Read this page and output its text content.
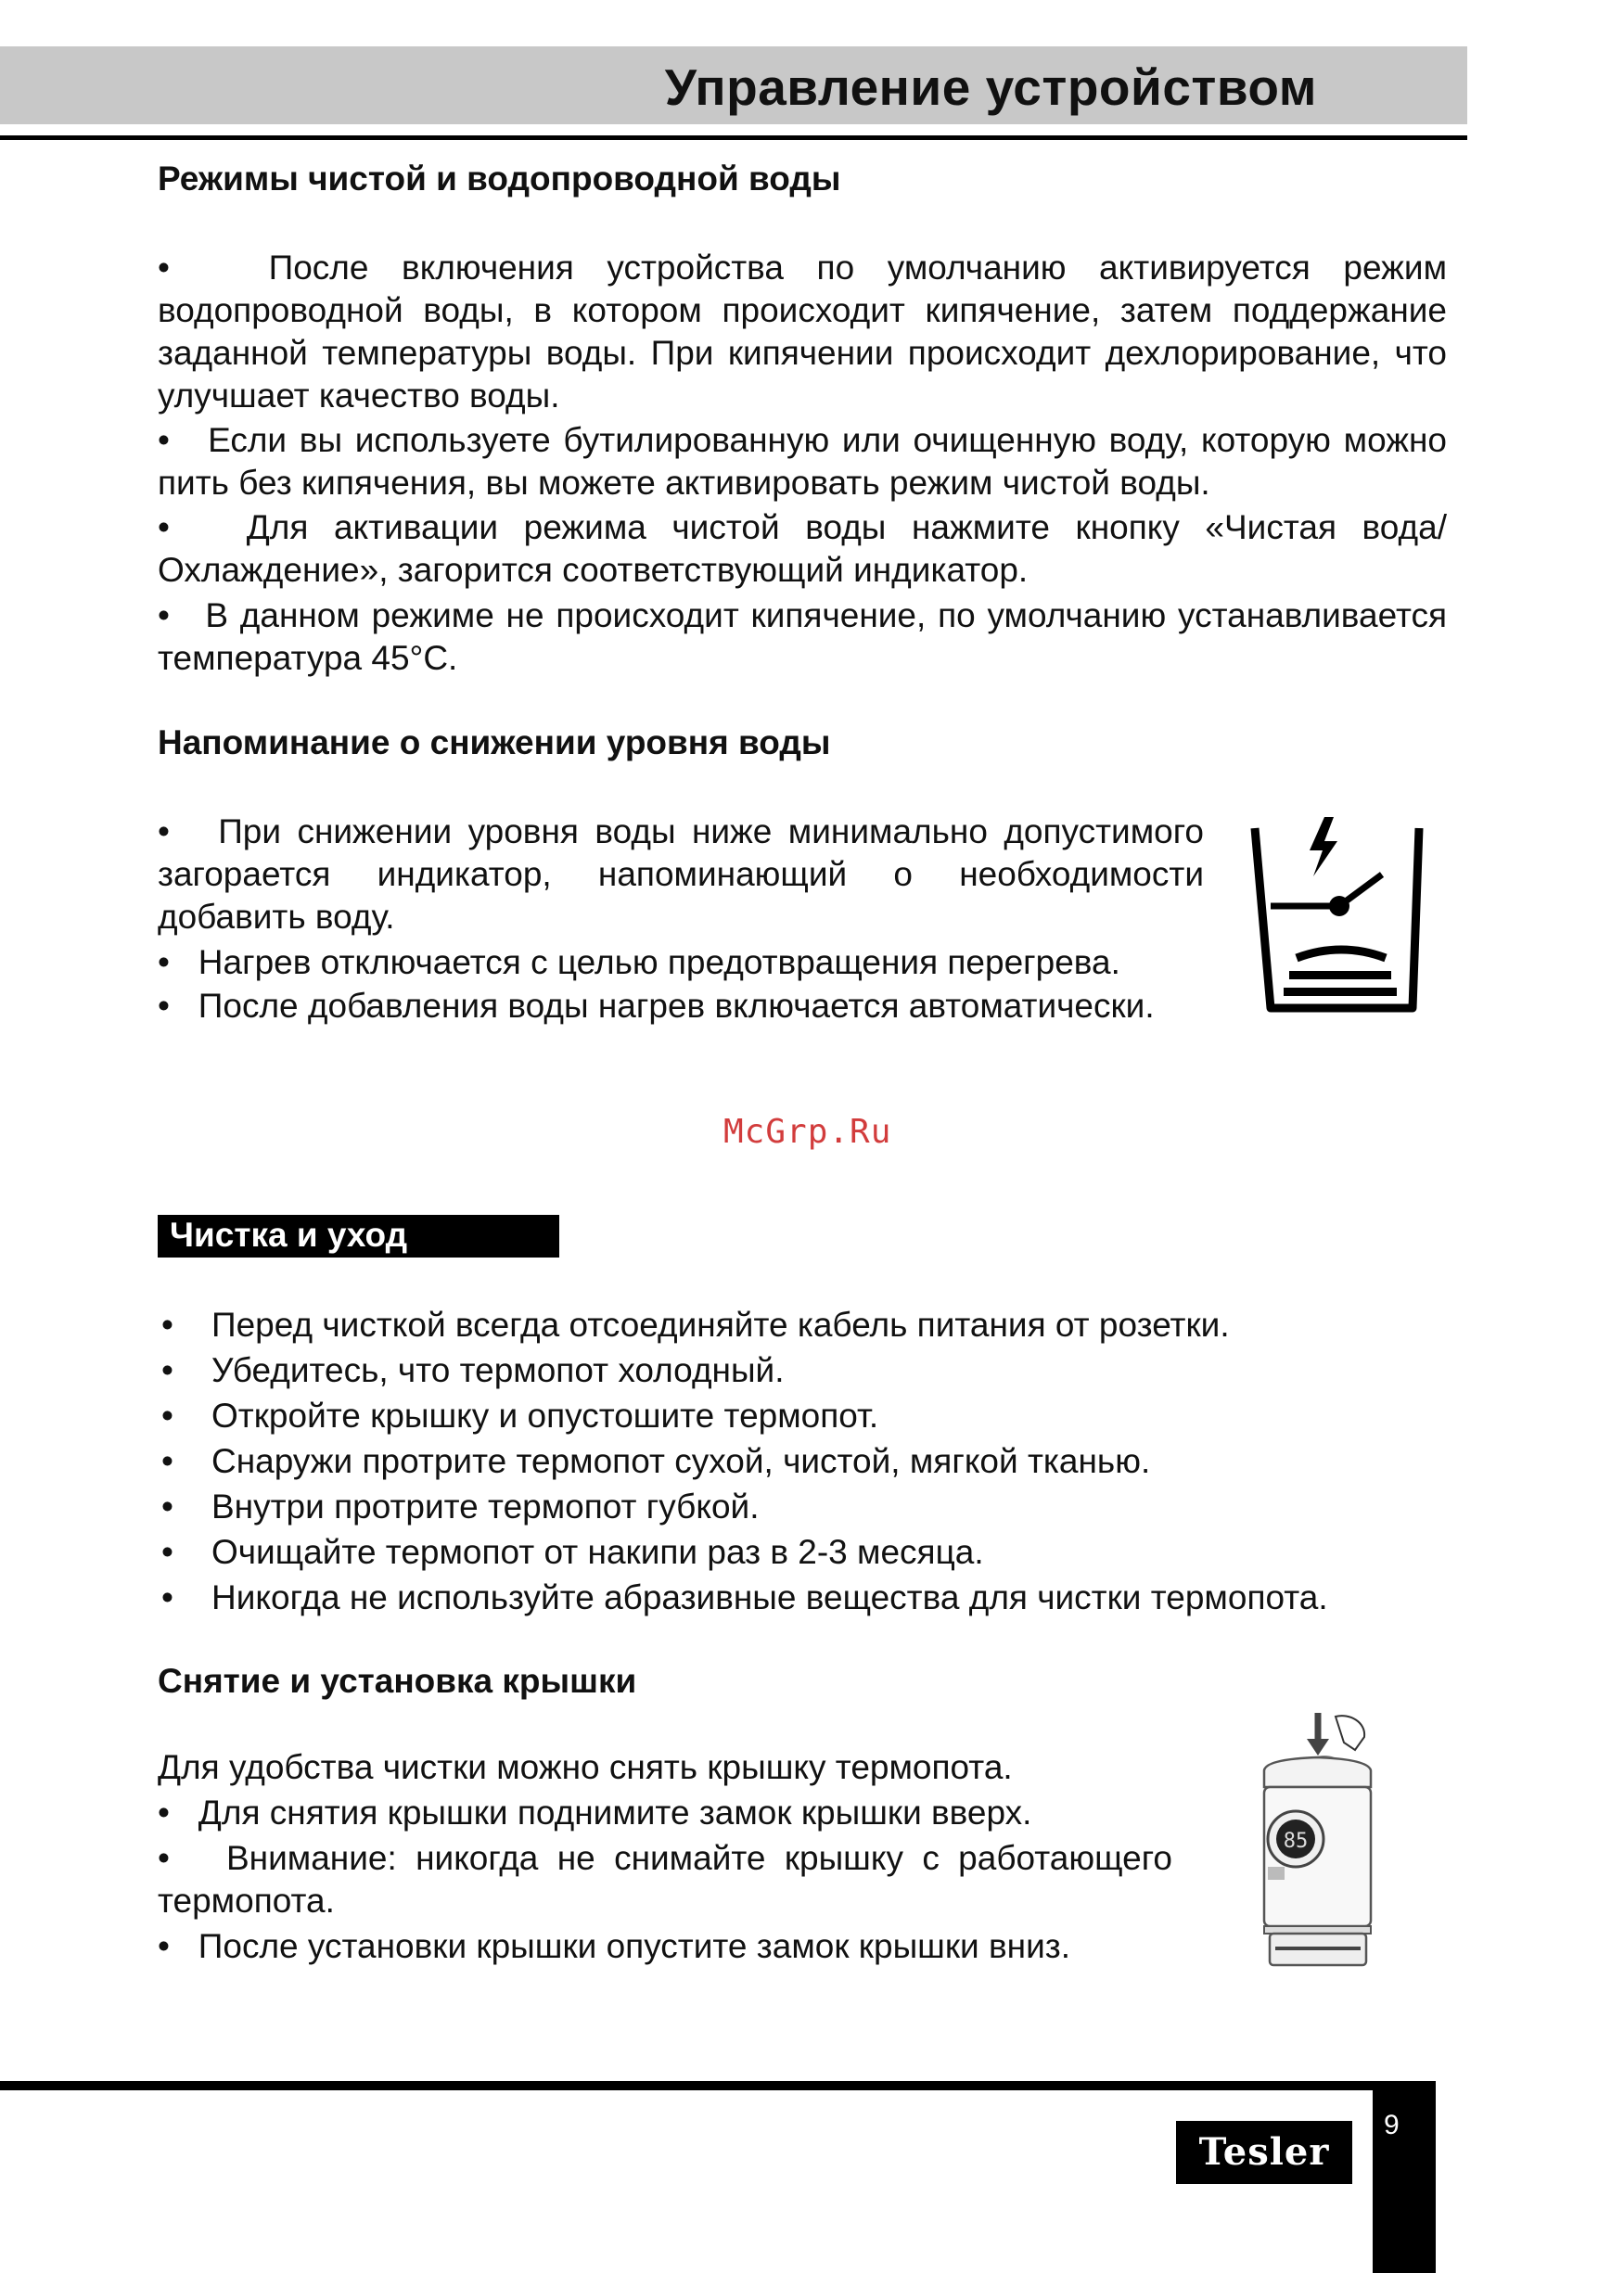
Управление устройством
Режимы чистой и водопроводной воды

•   После включения устройства по умолчанию активируется режим водопроводной воды, в котором происходит кипячение, затем поддержание заданной температуры воды. При кипячении происходит дехлорирование, что улучшает качество воды.

•   Если вы используете бутилированную или очищенную воду, которую можно пить без кипячения, вы можете активировать режим чистой воды.

•   Для активации режима чистой воды нажмите кнопку «Чистая вода/Охлаждение», загорится соответствующий индикатор.

•   В данном режиме не происходит кипячение, по умолчанию устанавливается температура 45°С.

Напоминание о снижении уровня воды

•   При снижении уровня воды ниже минимально допустимого загорается индикатор, напоминающий о необходимости добавить воду.

•   Нагрев отключается с целью предотвращения перегрева.

•   После добавления воды нагрев включается автоматически.

McGrp.Ru
Чистка и уход
• Перед чисткой всегда отсоединяйте кабель питания от розетки.
• Убедитесь, что термопот холодный.
• Откройте крышку и опустошите термопот.
• Снаружи протрите термопот сухой, чистой, мягкой тканью.
• Внутри протрите термопот губкой.
• Очищайте термопот от накипи раз в 2-3 месяца.
• Никогда не используйте абразивные вещества для чистки термопота.
Снятие и установка крышки

Для удобства чистки можно снять крышку термопота.

•   Для снятия крышки поднимите замок крышки вверх.

•   Внимание: никогда не снимайте крышку с работающего термопота.

•   После установки крышки опустите замок крышки вниз.

85
9
Tesler
